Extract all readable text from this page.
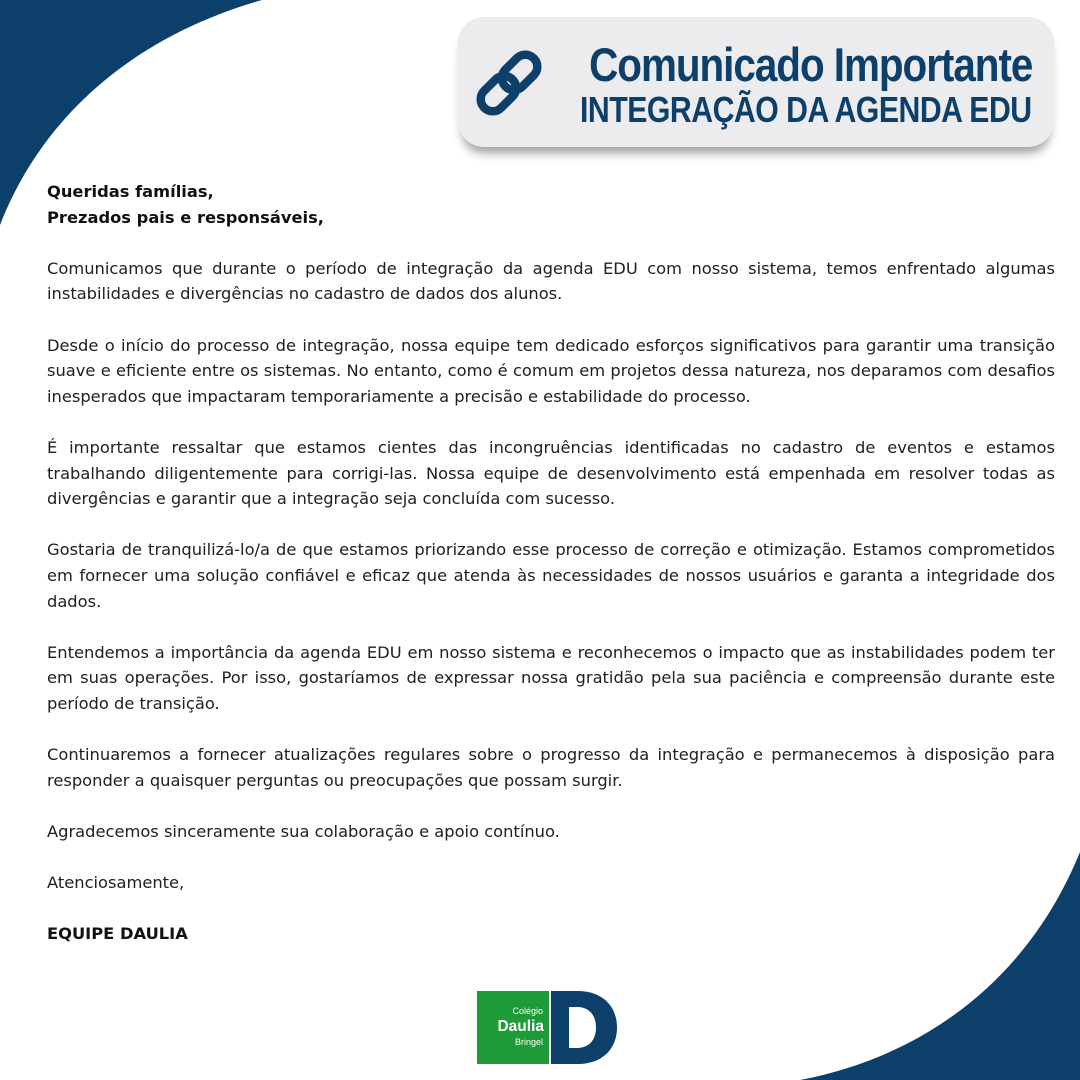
Comunicado Importante
INTEGRAÇÃO DA AGENDA EDU

Queridas famílias,
Prezados pais e responsáveis,

Comunicamos que durante o período de integração da agenda EDU com nosso sistema, temos enfrentado algumas instabilidades e divergências no cadastro de dados dos alunos.

Desde o início do processo de integração, nossa equipe tem dedicado esforços significativos para garantir uma transição suave e eficiente entre os sistemas. No entanto, como é comum em projetos dessa natureza, nos deparamos com desafios inesperados que impactaram temporariamente a precisão e estabilidade do processo.

É importante ressaltar que estamos cientes das incongruências identificadas no cadastro de eventos e estamos trabalhando diligentemente para corrigi-las. Nossa equipe de desenvolvimento está empenhada em resolver todas as divergências e garantir que a integração seja concluída com sucesso.

Gostaria de tranquilizá-lo/a de que estamos priorizando esse processo de correção e otimização. Estamos comprometidos em fornecer uma solução confiável e eficaz que atenda às necessidades de nossos usuários e garanta a integridade dos dados.

Entendemos a importância da agenda EDU em nosso sistema e reconhecemos o impacto que as instabilidades podem ter em suas operações. Por isso, gostaríamos de expressar nossa gratidão pela sua paciência e compreensão durante este período de transição.

Continuaremos a fornecer atualizações regulares sobre o progresso da integração e permanecemos à disposição para responder a quaisquer perguntas ou preocupações que possam surgir.

Agradecemos sinceramente sua colaboração e apoio contínuo.

Atenciosamente,

EQUIPE DAULIA

Colégio
Daulia
Bringel
